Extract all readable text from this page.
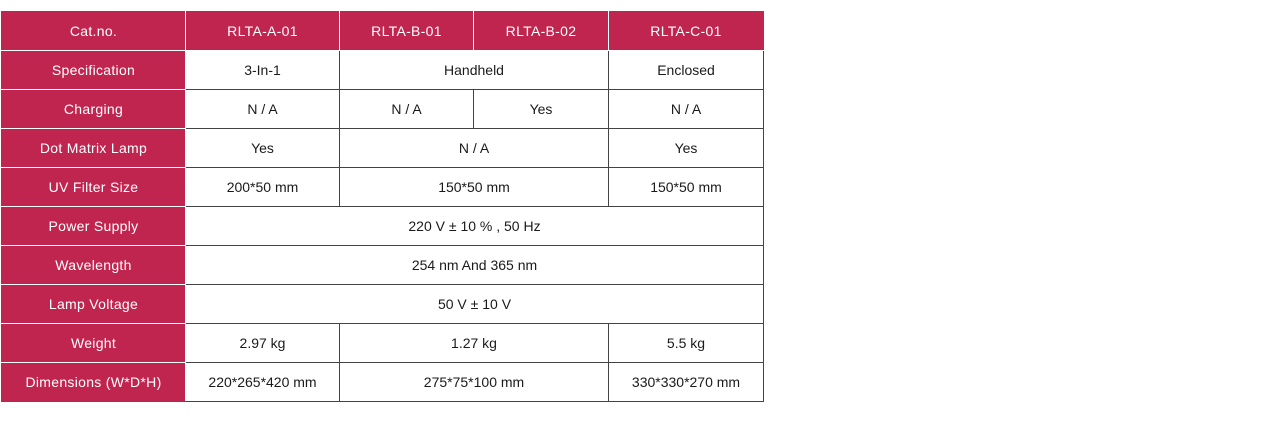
Cat.no.	RLTA-A-01	RLTA-B-01	RLTA-B-02	RLTA-C-01
Specification	3-In-1	Handheld		Enclosed
Charging	N / A	N / A	Yes	N / A
Dot Matrix Lamp	Yes	N / A		Yes
UV Filter Size	200*50 mm	150*50 mm		150*50 mm
Power Supply	220 V ± 10 % , 50 Hz			
Wavelength	254 nm And 365 nm			
Lamp Voltage	50 V ± 10 V			
Weight	2.97 kg	1.27 kg		5.5 kg
Dimensions (W*D*H)	220*265*420 mm	275*75*100 mm		330*330*270 mm
